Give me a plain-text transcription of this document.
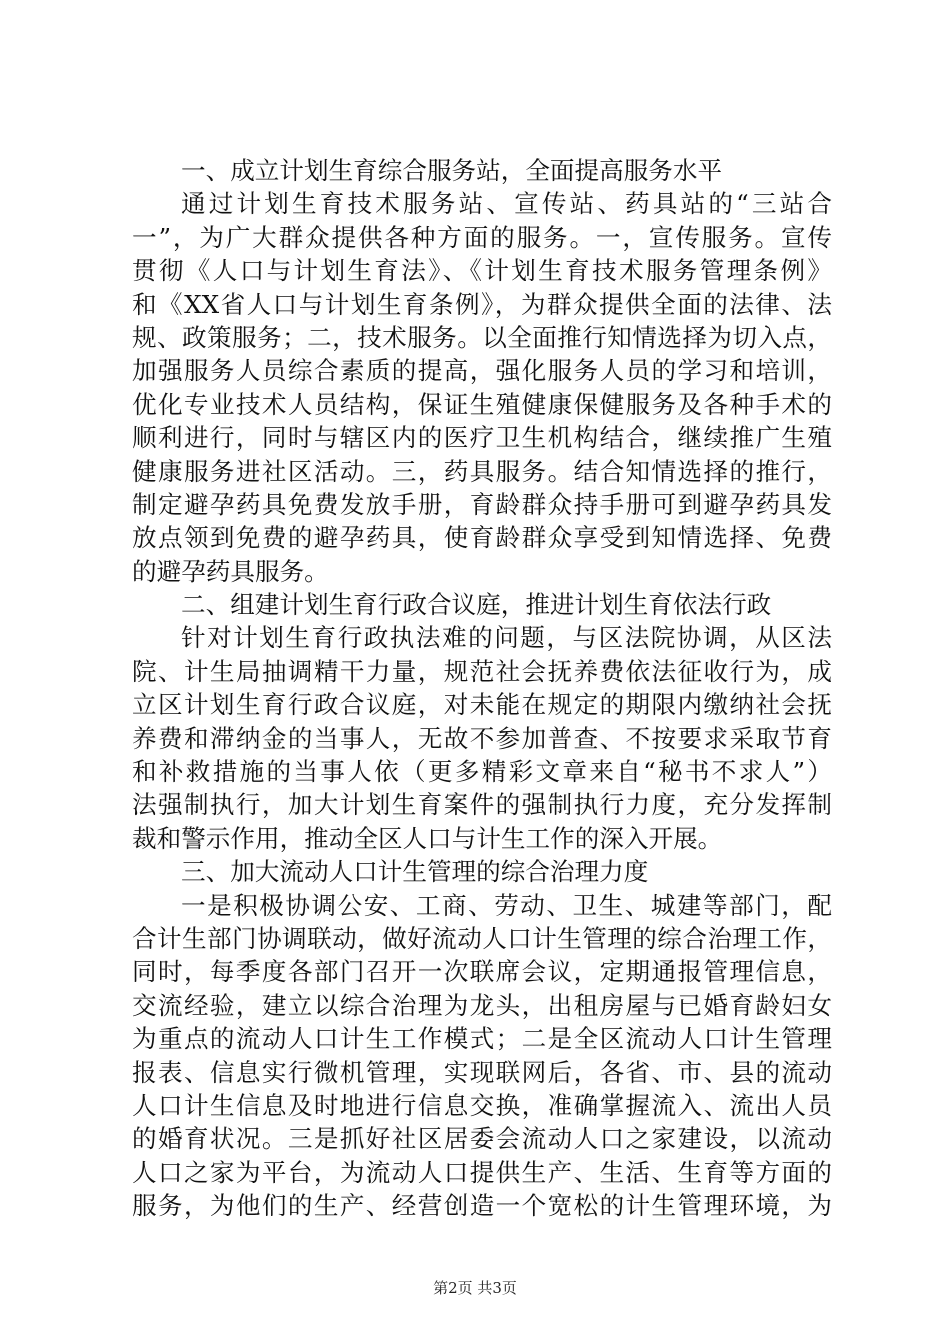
一、成立计划生育综合服务站，全面提高服务水平
通过计划生育技术服务站、宣传站、药具站的“三站合
一”，为广大群众提供各种方面的服务。一，宣传服务。宣传
贯彻《人口与计划生育法》、《计划生育技术服务管理条例》
和《XX省人口与计划生育条例》，为群众提供全面的法律、法
规、政策服务；二，技术服务。以全面推行知情选择为切入点，
加强服务人员综合素质的提高，强化服务人员的学习和培训，
优化专业技术人员结构，保证生殖健康保健服务及各种手术的
顺利进行，同时与辖区内的医疗卫生机构结合，继续推广生殖
健康服务进社区活动。三，药具服务。结合知情选择的推行，
制定避孕药具免费发放手册，育龄群众持手册可到避孕药具发
放点领到免费的避孕药具，使育龄群众享受到知情选择、免费
的避孕药具服务。
二、组建计划生育行政合议庭，推进计划生育依法行政
针对计划生育行政执法难的问题，与区法院协调，从区法
院、计生局抽调精干力量，规范社会抚养费依法征收行为，成
立区计划生育行政合议庭，对未能在规定的期限内缴纳社会抚
养费和滞纳金的当事人，无故不参加普查、不按要求采取节育
和补救措施的当事人依（更多精彩文章来自“秘书不求人”）
法强制执行，加大计划生育案件的强制执行力度，充分发挥制
裁和警示作用，推动全区人口与计生工作的深入开展。
三、加大流动人口计生管理的综合治理力度
一是积极协调公安、工商、劳动、卫生、城建等部门，配
合计生部门协调联动，做好流动人口计生管理的综合治理工作，
同时，每季度各部门召开一次联席会议，定期通报管理信息，
交流经验，建立以综合治理为龙头，出租房屋与已婚育龄妇女
为重点的流动人口计生工作模式；二是全区流动人口计生管理
报表、信息实行微机管理，实现联网后，各省、市、县的流动
人口计生信息及时地进行信息交换，准确掌握流入、流出人员
的婚育状况。三是抓好社区居委会流动人口之家建设，以流动
人口之家为平台，为流动人口提供生产、生活、生育等方面的
服务，为他们的生产、经营创造一个宽松的计生管理环境，为
第2页 共3页
